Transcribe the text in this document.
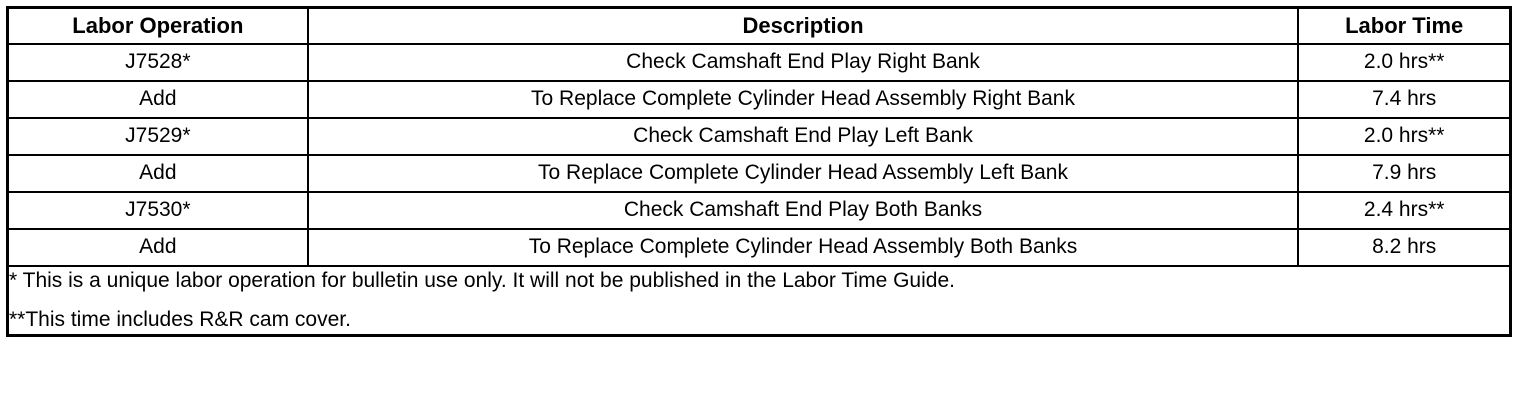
Labor Operation	Description	Labor Time
J7528*	Check Camshaft End Play Right Bank	2.0 hrs**
Add	To Replace Complete Cylinder Head Assembly Right Bank	7.4 hrs
J7529*	Check Camshaft End Play Left Bank	2.0 hrs**
Add	To Replace Complete Cylinder Head Assembly Left Bank	7.9 hrs
J7530*	Check Camshaft End Play Both Banks	2.4 hrs**
Add	To Replace Complete Cylinder Head Assembly Both Banks	8.2 hrs

* This is a unique labor operation for bulletin use only. It will not be published in the Labor Time Guide.
**This time includes R&R cam cover.		
